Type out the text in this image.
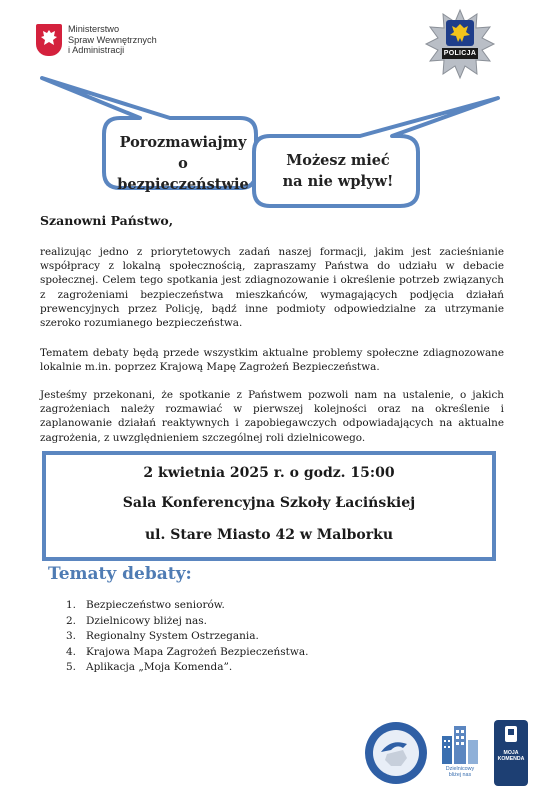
Ministerstwo
Spraw Wewnętrznych
i Administracji	POLICJA
Porozmawiajmy
o bezpieczeństwie
Możesz mieć
na nie wpływ!
Szanowni Państwo,
realizując jedno z priorytetowych zadań naszej formacji, jakim jest zacieśnianie współpracy z lokalną społecznością, zapraszamy Państwa do udziału w debacie społecznej. Celem tego spotkania jest zdiagnozowanie i określenie potrzeb związanych z zagrożeniami bezpieczeństwa mieszkańców, wymagających podjęcia działań prewencyjnych przez Policję, bądź inne podmioty odpowiedzialne za utrzymanie szeroko rozumianego bezpieczeństwa.
Tematem debaty będą przede wszystkim aktualne problemy społeczne zdiagnozowane lokalnie m.in. poprzez Krajową Mapę Zagrożeń Bezpieczeństwa.
Jesteśmy przekonani, że spotkanie z Państwem pozwoli nam na ustalenie, o jakich zagrożeniach należy rozmawiać w pierwszej kolejności oraz na określenie i zaplanowanie działań reaktywnych i zapobiegawczych odpowiadających na aktualne zagrożenia, z uwzględnieniem szczególnej roli dzielnicowego.
2 kwietnia 2025 r. o godz. 15:00
Sala Konferencyjna Szkoły Łacińskiej
ul. Stare Miasto 42 w Malborku
Tematy debaty:
1. Bezpieczeństwo seniorów.
2. Dzielnicowy bliżej nas.
3. Regionalny System Ostrzegania.
4. Krajowa Mapa Zagrożeń Bezpieczeństwa.
5. Aplikacja „Moja Komenda”.
Dzielnicowy
bliżej nas
MOJA
KOMENDA
